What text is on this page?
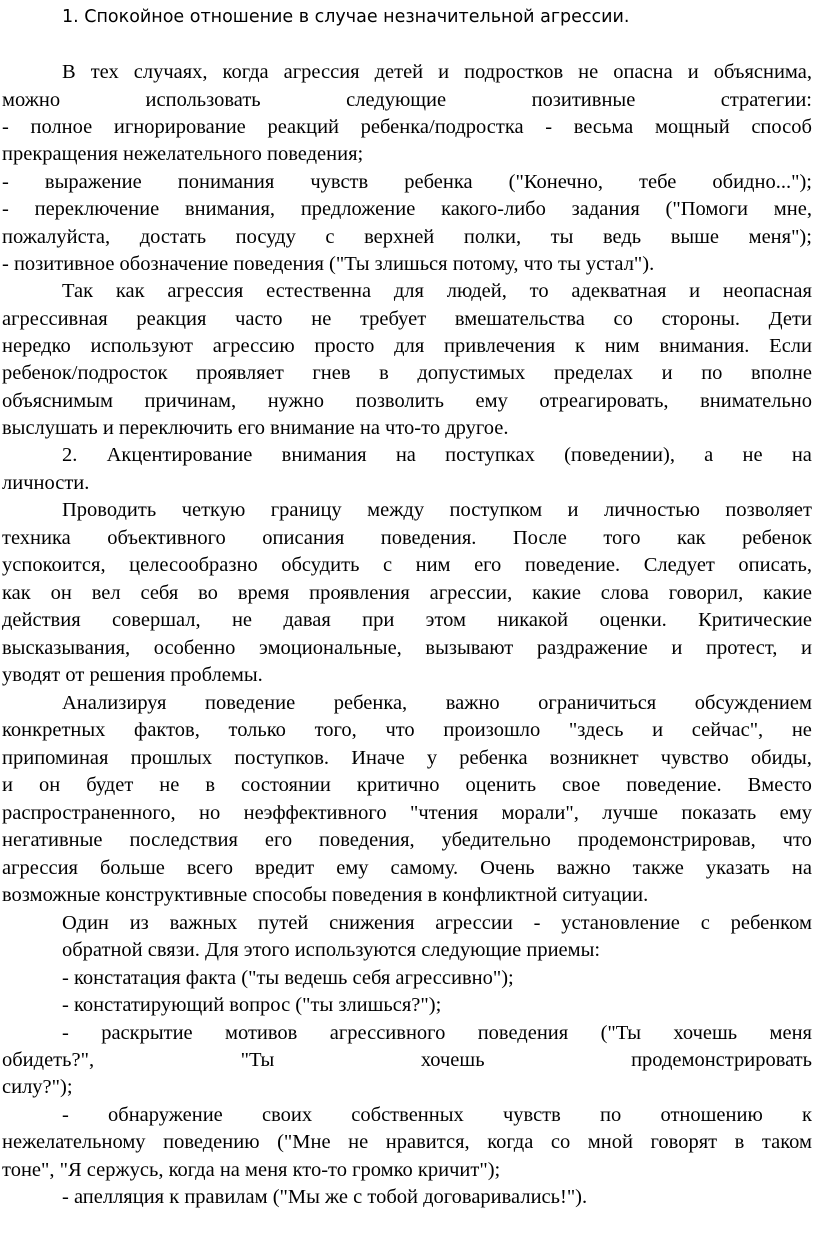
1. Спокойное отношение в случае незначительной агрессии.
В тех случаях, когда агрессия детей и подростков не опасна и объяснима,
можно	использовать	следующие	позитивные	стратегии:
- полное игнорирование реакций ребенка/подростка - весьма мощный способ
прекращения нежелательного поведения;
- выражение понимания чувств ребенка ("Конечно, тебе обидно...");
- переключение внимания, предложение какого-либо задания ("Помоги мне,
пожалуйста, достать посуду с верхней полки, ты ведь выше меня");
- позитивное обозначение поведения ("Ты злишься потому, что ты устал").
Так как агрессия естественна для людей, то адекватная и неопасная
агрессивная реакция часто не требует вмешательства со стороны. Дети
нередко используют агрессию просто для привлечения к ним внимания. Если
ребенок/подросток проявляет гнев в допустимых пределах и по вполне
объяснимым причинам, нужно позволить ему отреагировать, внимательно
выслушать и переключить его внимание на что-то другое.
2. Акцентирование внимания на поступках (поведении), а не на
личности.
Проводить четкую границу между поступком и личностью позволяет
техника объективного описания поведения. После того как ребенок
успокоится, целесообразно обсудить с ним его поведение. Следует описать,
как он вел себя во время проявления агрессии, какие слова говорил, какие
действия совершал, не давая при этом никакой оценки. Критические
высказывания, особенно эмоциональные, вызывают раздражение и протест, и
уводят от решения проблемы.
Анализируя поведение ребенка, важно ограничиться обсуждением
конкретных фактов, только того, что произошло "здесь и сейчас", не
припоминая прошлых поступков. Иначе у ребенка возникнет чувство обиды,
и он будет не в состоянии критично оценить свое поведение. Вместо
распространенного, но неэффективного "чтения морали", лучше показать ему
негативные последствия его поведения, убедительно продемонстрировав, что
агрессия больше всего вредит ему самому. Очень важно также указать на
возможные конструктивные способы поведения в конфликтной ситуации.
Один из важных путей снижения агрессии - установление с ребенком
обратной связи. Для этого используются следующие приемы:
- констатация факта ("ты ведешь себя агрессивно");
- констатирующий вопрос ("ты злишься?");
- раскрытие мотивов агрессивного поведения ("Ты хочешь меня
обидеть?",	"Ты	хочешь	продемонстрировать
силу?");
- обнаружение своих собственных чувств по отношению к
нежелательному поведению ("Мне не нравится, когда со мной говорят в таком
тоне", "Я сержусь, когда на меня кто-то громко кричит");
- апелляция к правилам ("Мы же с тобой договаривались!").
